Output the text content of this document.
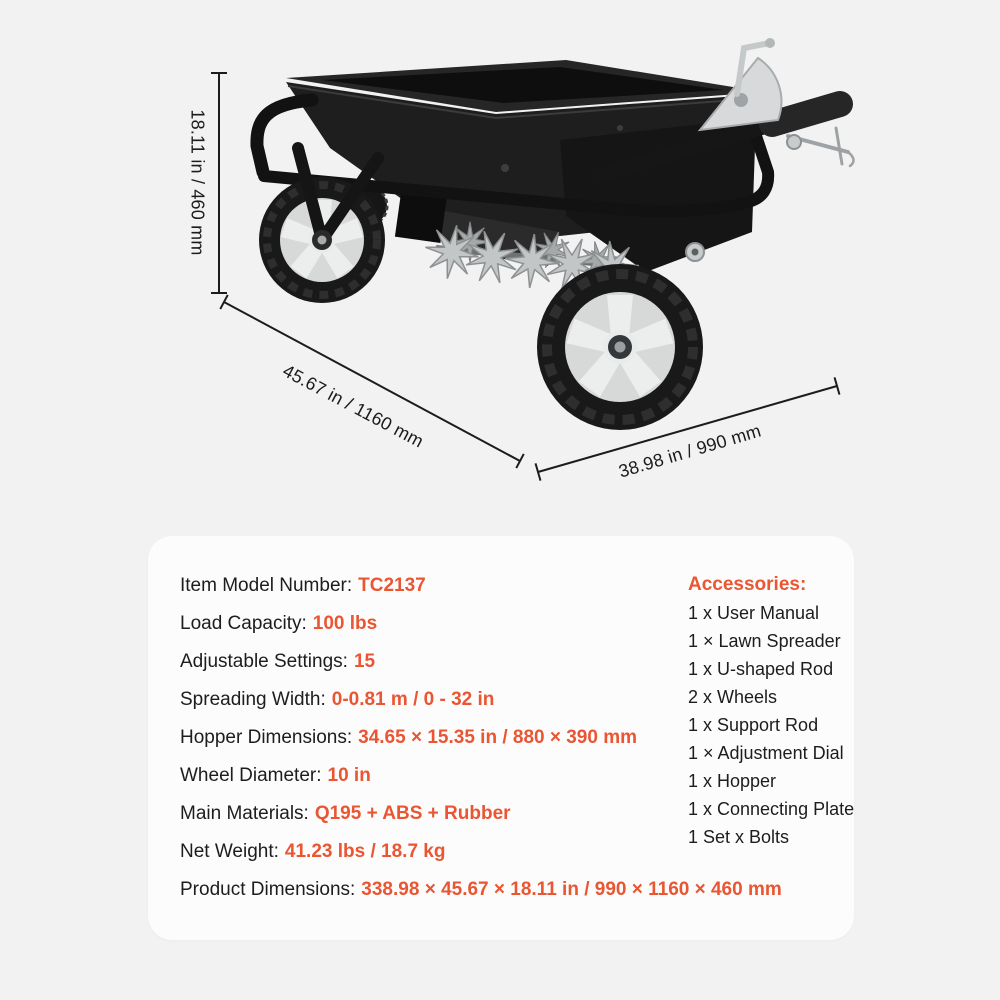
18.11 in / 460 mm
45.67 in / 1160 mm	38.98 in / 990 mm
Item Model Number: TC2137
Load Capacity: 100 lbs
Adjustable Settings: 15
Spreading Width: 0-0.81 m / 0 - 32 in
Hopper Dimensions: 34.65 × 15.35 in / 880 × 390 mm
Wheel Diameter: 10 in
Main Materials: Q195 + ABS + Rubber
Net Weight: 41.23 lbs / 18.7 kg
Product Dimensions: 338.98 × 45.67 × 18.11 in / 990 × 1160 × 460 mm
Accessories:
1 x User Manual
1 × Lawn Spreader
1 x U-shaped Rod
2 x Wheels
1 x Support Rod
1 × Adjustment Dial
1 x Hopper
1 x Connecting Plate
1 Set x Bolts
